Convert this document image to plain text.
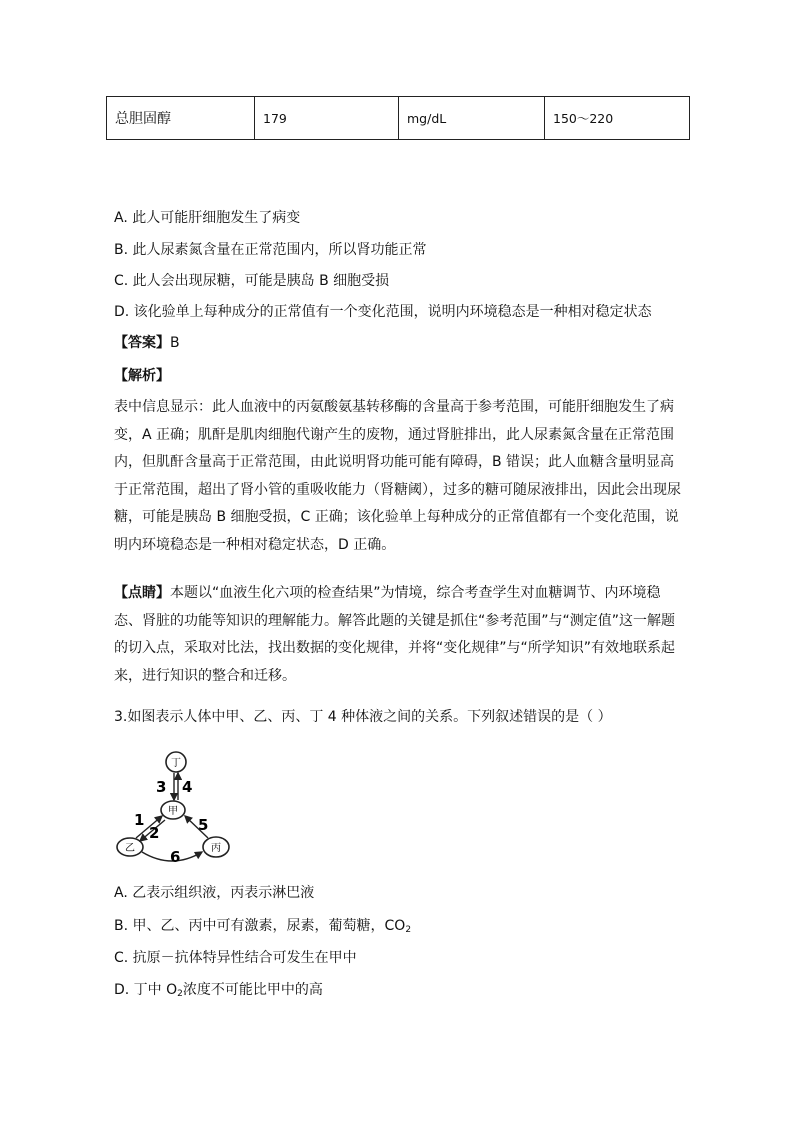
总胆固醇	179	mg/dL	150～220
A. 此人可能肝细胞发生了病变
B. 此人尿素氮含量在正常范围内，所以肾功能正常
C. 此人会出现尿糖，可能是胰岛 B 细胞受损
D. 该化验单上每种成分的正常值有一个变化范围，说明内环境稳态是一种相对稳定状态
【答案】B
【解析】
表中信息显示：此人血液中的丙氨酸氨基转移酶的含量高于参考范围，可能肝细胞发生了病变，A 正确；肌酐是肌肉细胞代谢产生的废物，通过肾脏排出，此人尿素氮含量在正常范围内，但肌酐含量高于正常范围，由此说明肾功能可能有障碍，B 错误；此人血糖含量明显高于正常范围，超出了肾小管的重吸收能力（肾糖阈），过多的糖可随尿液排出，因此会出现尿糖，可能是胰岛 B 细胞受损，C 正确；该化验单上每种成分的正常值都有一个变化范围，说明内环境稳态是一种相对稳定状态，D 正确。
【点睛】本题以“血液生化六项的检查结果”为情境，综合考查学生对血糖调节、内环境稳态、肾脏的功能等知识的理解能力。解答此题的关键是抓住“参考范围”与“测定值”这一解题的切入点，采取对比法，找出数据的变化规律，并将“变化规律”与“所学知识”有效地联系起来，进行知识的整合和迁移。
3.如图表示人体中甲、乙、丙、丁 4 种体液之间的关系。下列叙述错误的是（ ）
丁
甲
乙	丙
3 4
1
2	5
6
A. 乙表示组织液，丙表示淋巴液
B. 甲、乙、丙中可有激素，尿素，葡萄糖，$CO_2$
C. 抗原－抗体特异性结合可发生在甲中
D. 丁中 $O_2$浓度不可能比甲中的高
